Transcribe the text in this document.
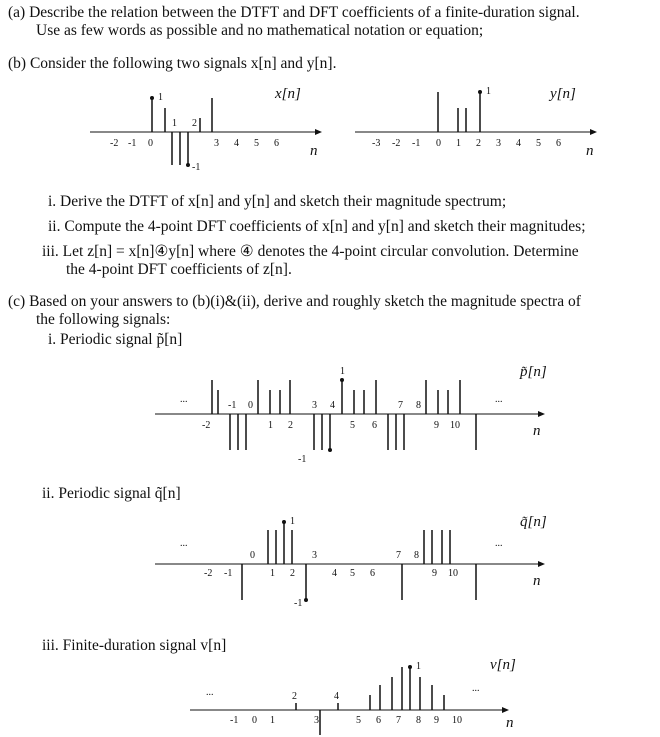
(a) Describe the relation between the DTFT and DFT coefficients of a finite-duration signal.
Use as few words as possible and no mathematical notation or equation;
(b) Consider the following two signals x[n] and y[n].
x[n]
n
-2 -1 0
1 2
3 4 5 6
1
-1
y[n]
n
-3 -2 -1 0 1 2 3 4 5 6
1
i. Derive the DTFT of x[n] and y[n] and sketch their magnitude spectrum;
ii. Compute the 4-point DFT coefficients of x[n] and y[n] and sketch their magnitudes;
iii. Let z[n] = x[n]④y[n] where ④ denotes the 4-point circular convolution. Determine
the 4-point DFT coefficients of z[n].
(c) Based on your answers to (b)(i)&(ii), derive and roughly sketch the magnitude spectra of
the following signals:
i. Periodic signal p̃[n]
p̃[n]
...	...
n
-2
-1 0
1 2
3 4
5 6
7 8
9 10
1
-1
ii. Periodic signal q̃[n]
q̃[n]
...	...
n
-2 -1
0
1 2
3
4 5 6
7 8
9 10
1
-1
iii. Finite-duration signal v[n]
v[n]
...	...
n
-1 0 1	3	5 6 7 8 9 10
2	4
1
